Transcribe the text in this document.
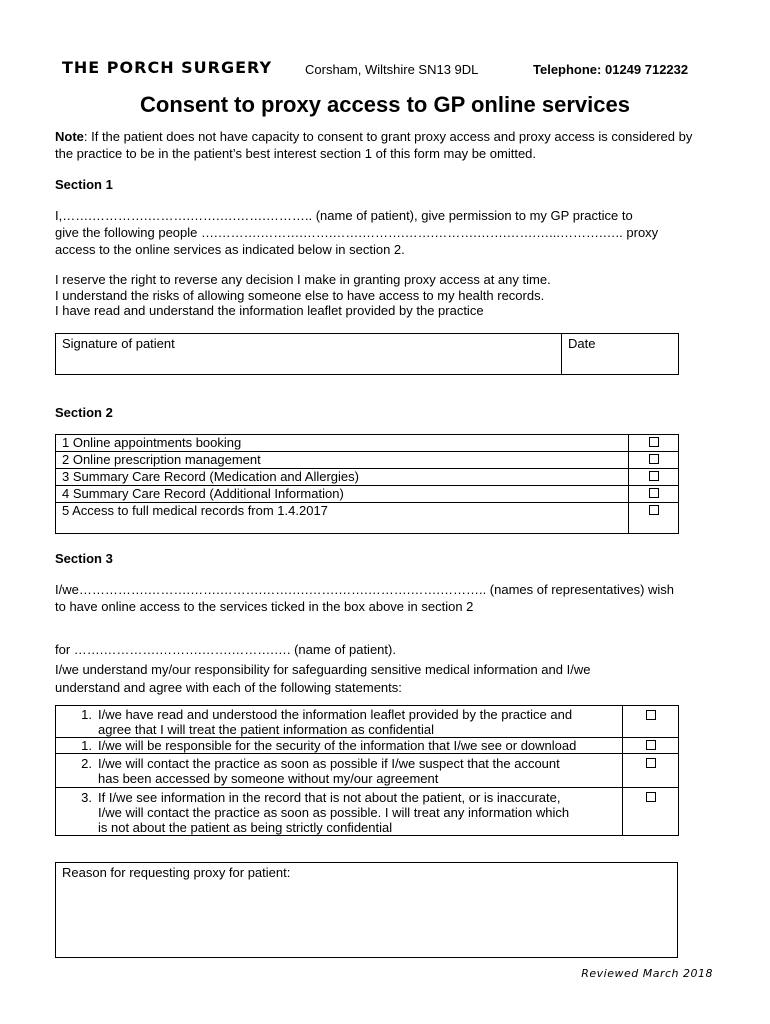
THE PORCH SURGERY	Corsham, Wiltshire SN13 9DL	Telephone: 01249 712232
Consent to proxy access to GP online services
Note: If the patient does not have capacity to consent to grant proxy access and proxy access is considered by the practice to be in the patient’s best interest section 1 of this form may be omitted.
Section 1
I,…….………….……….…….….…….……….. (name of patient), give permission to my GP practice to
give the following people ….……….……….…….…….……….…….……….…….…….…...……….….. proxy
access to the online services as indicated below in section 2.
I reserve the right to reverse any decision I make in granting proxy access at any time.
I understand the risks of allowing someone else to have access to my health records.
I have read and understand the information leaflet provided by the practice
Signature of patient	Date
Section 2
1 Online appointments booking	
2 Online prescription management	
3 Summary Care Record (Medication and Allergies)	
4 Summary Care Record (Additional Information)	
5 Access to full medical records from 1.4.2017	
Section 3
I/we…………….……….…….……….…….….…….…….……….…….……….. (names of representatives) wish
to have online access to the services ticked in the box above in section 2
for …….………….……….…….……….…. (name of patient).
I/we understand my/our responsibility for safeguarding sensitive medical information and I/we
understand and agree with each of the following statements:
1. I/we have read and understood the information leaflet provided by the practice and
agree that I will treat the patient information as confidential	

1. I/we will be responsible for the security of the information that I/we see or download	

2. I/we will contact the practice as soon as possible if I/we suspect that the account
has been accessed by someone without my/our agreement	

3. If I/we see information in the record that is not about the patient, or is inaccurate,
I/we will contact the practice as soon as possible. I will treat any information which
is not about the patient as being strictly confidential	

Reason for requesting proxy for patient:
Reviewed March 2018
